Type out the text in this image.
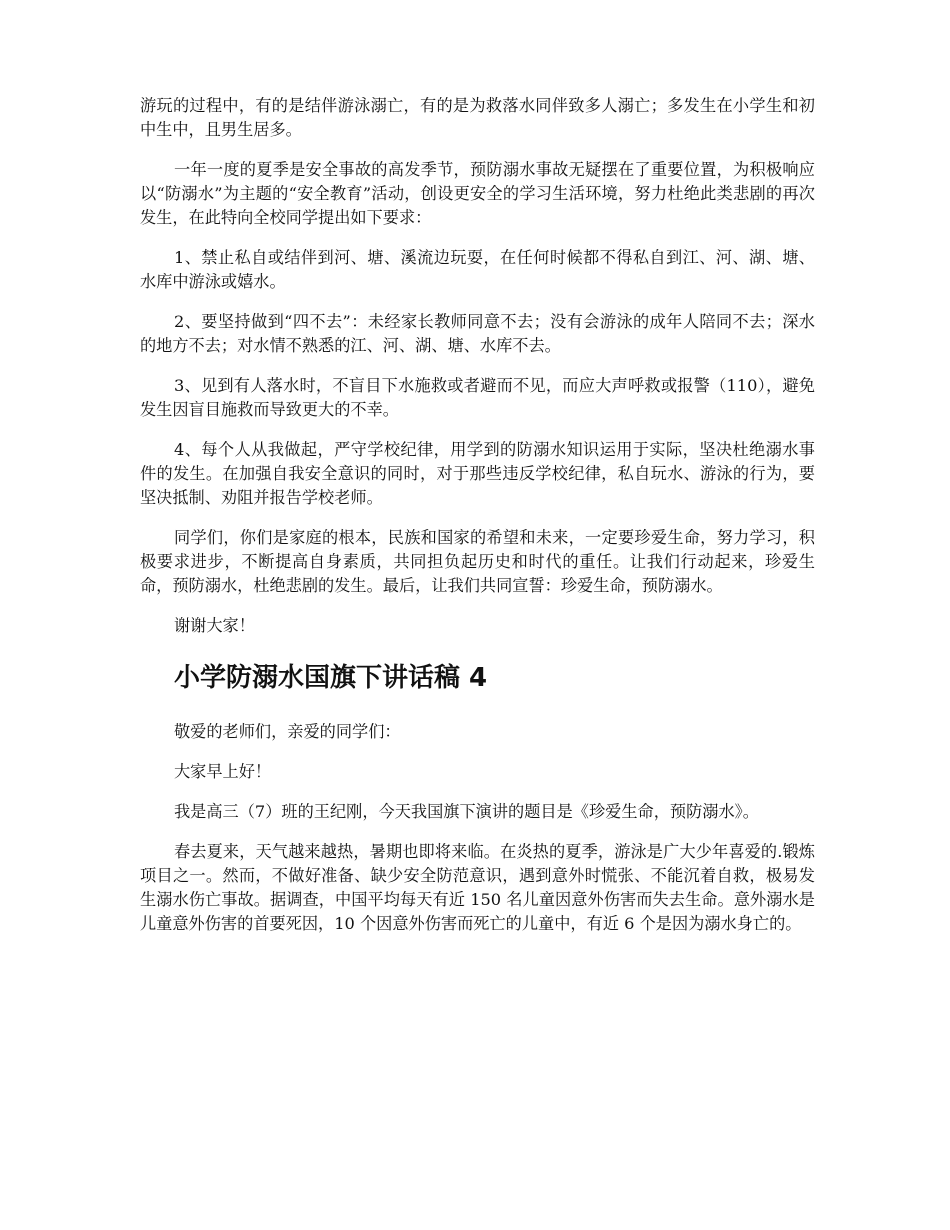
游玩的过程中，有的是结伴游泳溺亡，有的是为救落水同伴致多人溺亡；多发生在小学生和初中生中，且男生居多。

一年一度的夏季是安全事故的高发季节，预防溺水事故无疑摆在了重要位置，为积极响应以“防溺水”为主题的“安全教育”活动，创设更安全的学习生活环境，努力杜绝此类悲剧的再次发生，在此特向全校同学提出如下要求：

1、禁止私自或结伴到河、塘、溪流边玩耍，在任何时候都不得私自到江、河、湖、塘、水库中游泳或嬉水。

2、要坚持做到“四不去”：未经家长教师同意不去；没有会游泳的成年人陪同不去；深水的地方不去；对水情不熟悉的江、河、湖、塘、水库不去。

3、见到有人落水时，不盲目下水施救或者避而不见，而应大声呼救或报警（110），避免发生因盲目施救而导致更大的不幸。

4、每个人从我做起，严守学校纪律，用学到的防溺水知识运用于实际，坚决杜绝溺水事件的发生。在加强自我安全意识的同时，对于那些违反学校纪律，私自玩水、游泳的行为，要坚决抵制、劝阻并报告学校老师。

同学们，你们是家庭的根本，民族和国家的希望和未来，一定要珍爱生命，努力学习，积极要求进步，不断提高自身素质，共同担负起历史和时代的重任。让我们行动起来，珍爱生命，预防溺水，杜绝悲剧的发生。最后，让我们共同宣誓：珍爱生命，预防溺水。

谢谢大家！

小学防溺水国旗下讲话稿 4

敬爱的老师们，亲爱的同学们：

大家早上好！

我是高三（7）班的王纪刚，今天我国旗下演讲的题目是《珍爱生命，预防溺水》。

春去夏来，天气越来越热，暑期也即将来临。在炎热的夏季，游泳是广大少年喜爱的.锻炼项目之一。然而，不做好准备、缺少安全防范意识，遇到意外时慌张、不能沉着自救，极易发生溺水伤亡事故。据调查，中国平均每天有近 150 名儿童因意外伤害而失去生命。意外溺水是儿童意外伤害的首要死因，10 个因意外伤害而死亡的儿童中，有近 6 个是因为溺水身亡的。
